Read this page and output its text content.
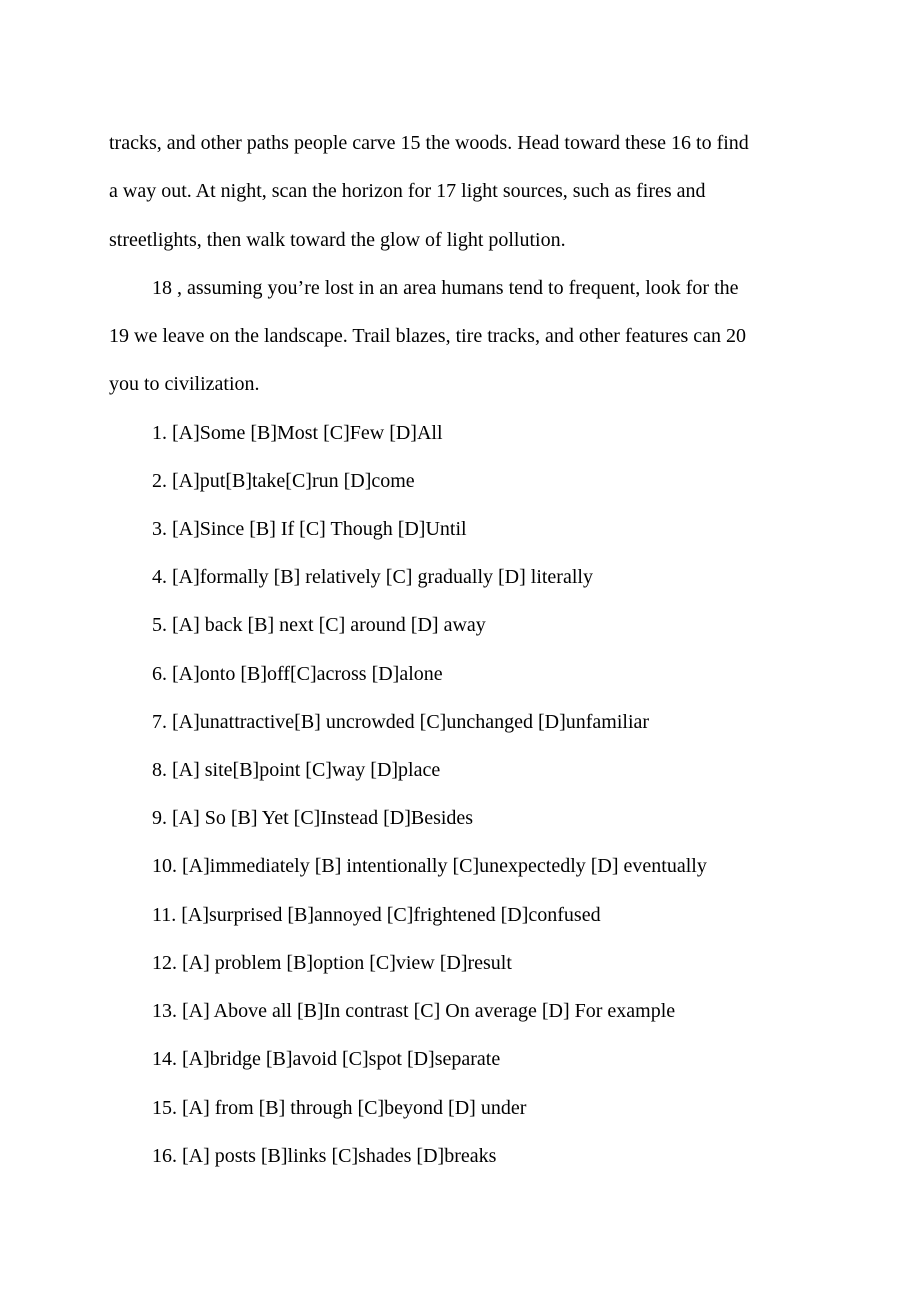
tracks, and other paths people carve 15 the woods. Head toward these 16 to find

a way out. At night, scan the horizon for 17 light sources, such as fires and

streetlights, then walk toward the glow of light pollution.

18 , assuming you’re lost in an area humans tend to frequent, look for the

19 we leave on the landscape. Trail blazes, tire tracks, and other features can 20

you to civilization.

1. [A]Some [B]Most [C]Few [D]All

2. [A]put[B]take[C]run [D]come

3. [A]Since [B] If [C] Though [D]Until

4. [A]formally [B] relatively [C] gradually [D] literally

5. [A] back [B] next [C] around [D] away

6. [A]onto [B]off[C]across [D]alone

7. [A]unattractive[B] uncrowded [C]unchanged [D]unfamiliar

8. [A] site[B]point [C]way [D]place

9. [A] So [B] Yet [C]Instead [D]Besides

10. [A]immediately [B] intentionally [C]unexpectedly [D] eventually

11. [A]surprised [B]annoyed [C]frightened [D]confused

12. [A] problem [B]option [C]view [D]result

13. [A] Above all [B]In contrast [C] On average [D] For example

14. [A]bridge [B]avoid [C]spot [D]separate

15. [A] from [B] through [C]beyond [D] under

16. [A] posts [B]links [C]shades [D]breaks
